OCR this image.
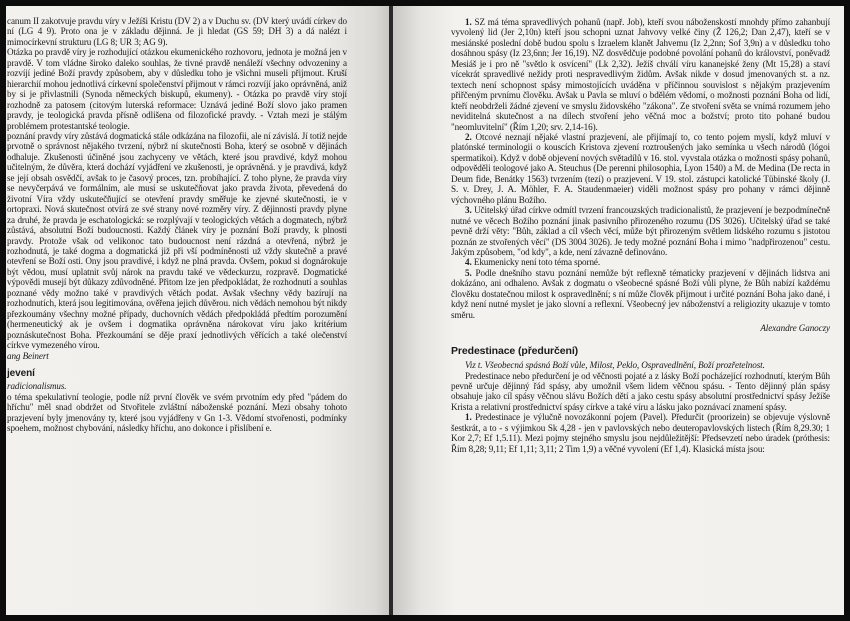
canum II zakotvuje pravdu víry v Ježíši Kristu (DV 2) a v Duchu sv. (DV který uvádí církev do ní (LG 4 9). Proto ona je v základu dějinná. Je ji hledat (GS 59; DH 3) a dá nalézt i mimocírkevní strukturu (LG 8; UR 3; AG 9).

Otázka po pravdě víry je rozhodující otázkou ekumenického rozhovoru, jednota je možná jen v pravdě. V tom vládne široko daleko souhlas, že tivné pravdě nenáleží všechny odvozeniny a rozvíjí jediné Boží pravdy způsobem, aby v důsledku toho je všichni museli přijmout. Kruší hierarchií mohou jednotlivá církevní společenství přijmout v rámci rozvíjí jako oprávněná, aniž by si je přivlastnili (Synoda německých biskupů, ekumeny). - Otázka po pravdě víry stojí rozhodně za patosem (citovým luterská reformace: Uznává jediné Boží slovo jako pramen pravdy, je teologická pravda přísně odlišena od filozofické pravdy. - Vztah mezi je stálým problémem protestantské teologie.

poznání pravdy víry zůstává dogmatická stále odkázána na filozofii, ale ní závislá. Jí totiž nejde prvotně o správnost nějakého tvrzení, nýbrž ní skutečnosti Boha, který se osobně v dějinách odhaluje. Zkušenosti účiněné jsou zachyceny ve větách, které jsou pravdivé, když mohou učitelným, že důvěra, která dochází vyjádření ve zkušenosti, je oprávněná. y je pravdivá, když se její obsah osvědčí, avšak to je časový proces, tzn. probíhající. Z toho plyne, že pravda víry se nevyčerpává ve formálním, ale musí se uskutečňovat jako pravda života, převedená do životní Víra vždy uskutečňující se otevření pravdy směřuje ke zjevné skutečnosti, ie v ortopraxi. Nová skutečnost otvírá ze své strany nové rozměry víry. Z dějinnosti pravdy plyne za druhé, že pravda je eschatologická: se rozplývají v teologických větách a dogmatech, nýbrž zůstává, absolutní Boží budoucnosti. Každý článek víry je poznání Boží pravdy, k plnosti pravdy. Protože však od velikonoc tato budoucnost není rázdná a otevřená, nýbrž je rozhodnutá, je také dogma a dogmatická již při vší podmíněnosti už vždy skutečně a pravé otevření se Boží osti. Ony jsou pravdivé, i když ne plná pravda. Ovšem, pokud si dognárokuje být vědou, musí uplatnit svůj nárok na pravdu také ve vědeckurzu, rozpravě. Dogmatické výpovědi musejí být důkazy zdůvodněné. Přitom lze jen předpokládat, že rozhodnutí a souhlas poznané vědy možno také v pravdivých větách podat. Avšak všechny vědy bazírují na rozhodnutích, která jsou legitimována, ověřena jejich důvěrou. nich vědách nemohou být nikdy přezkoumány všechny možné případy, duchovních vědách předpokládá předtím porozumění (hermeneutický ak je ovšem i dogmatika oprávněna nárokovat víru jako kritérium poznáskutečnost Boha. Přezkoumání se děje praxí jednotlivých věřících a také olečenství církve vymezeného vírou.

ang Beinert

jevení

radicionalismus.

o téma spekulativní teologie, podle níž první člověk ve svém prvotním edy před "pádem do hříchu" měl snad obdržet od Stvořitele zvláštní náboženské poznání. Mezi obsahy tohoto prazjevení byly jmenovány ty, které jsou vyjádřeny v Gn 1-3. Vědomí stvořenosti, podmínky spoehem, možnost chybování, následky hříchu, ano dokonce i přislíbení e.

1. SZ má téma spravedlivých pohanů (např. Job), kteří svou náboženskostí mnohdy přímo zahanbují vyvolený lid (Jer 2,10n) kteří jsou schopni uznat Jahvovy velké činy (Ž 126,2; Dan 2,47), kteří se v mesiánské poslední době budou spolu s Izraelem klanět Jahvemu (Iz 2,2nn; Sof 3,9n) a v důsledku toho dosáhnou spásy (Iz 23,6nn; Jer 16,19). NZ dosvědčuje podobné povolání pohanů do království, poněvadž Mesiáš je i pro ně "světlo k osvícení" (Lk 2,32). Ježíš chválí víru kananejské ženy (Mt 15,28) a staví vícekrát spravedlivé nežidy proti nespravedlivým židům. Avšak nikde v dosud jmenovaných st. a nz. textech není schopnost spásy mimostojících uváděna v příčinnou souvislost s nějakým prazjevením přiřčeným prvnímu člověku. Avšak u Pavla se mluví o bdělém vědomí, o možnosti poznání Boha od lidí, kteří neobdrželi žádné zjevení ve smyslu židovského "zákona". Ze stvoření světa se vnímá rozumem jeho neviditelná skutečnost a na dílech stvoření jeho věčná moc a božství; proto tito pohané budou "neomluvitelní" (Řím 1,20; srv. 2,14-16).

2. Otcové neznají nějaké vlastní prazjevení, ale přijímají to, co tento pojem myslí, když mluví v platónské terminologii o kouscích Kristova zjevení roztroušených jako semínka u všech národů (lógoi spermatikoi). Když v době objevení nových světadílů v 16. stol. vyvstala otázka o možnosti spásy pohanů, odpověděli teologové jako A. Steuchus (De perenni philosophia, Lyon 1540) a M. de Medina (De recta in Deum fide, Benátky 1563) tvrzením (tezí) o prazjevení. V 19. stol. zástupci katolické Tübinské školy (J. S. v. Drey, J. A. Möhler, F. A. Staudenmaeier) viděli možnost spásy pro pohany v rámci dějinně výchovného plánu Božího.

3. Učitelský úřad církve odmítl tvrzení francouzských tradicionalistů, že prazjevení je bezpodmínečně nutné ve věcech Božího poznání jinak pasivního přirozeného rozumu (DS 3026). Učitelský úřad se také pevně drží věty: "Bůh, základ a cíl všech věcí, může být přirozeným světlem lidského rozumu s jistotou poznán ze stvořených věcí" (DS 3004 3026). Je tedy možné poznání Boha i mimo "nadpřirozenou" cestu. Jakým způsobem, "od kdy", a kde, není závazně definováno.

4. Ekumenicky není toto téma sporné.

5. Podle dnešního stavu poznání nemůže být reflexně tématicky prazjevení v dějinách lidstva ani dokázáno, ani odhaleno. Avšak z dogmatu o všeobecné spásné Boží vůli plyne, že Bůh nabízí každému člověku dostatečnou milost k ospravedlnění; s ní může člověk přijmout i určité poznání Boha jako dané, i když není nutné myslet je jako slovní a reflexní. Všeobecný jev náboženství a religiozity ukazuje v tomto směru.

Alexandre Ganoczy

Predestinace (předurčení)

Viz t. Všeobecná spásná Boží vůle, Milost, Peklo, Ospravedlnění, Boží prozřetelnost.

Predestinace nebo předurčení je od věčnosti pojaté a z lásky Boží pocházející rozhodnutí, kterým Bůh pevně určuje dějinný řád spásy, aby umožnil všem lidem věčnou spásu. - Tento dějinný plán spásy obsahuje jako cíl spásy věčnou slávu Božích dětí a jako cestu spásy absolutní prostřednictví spásy Ježíše Krista a relativní prostřednictví spásy církve a také víru a lásku jako poznávací znamení spásy.

1. Predestinace je výlučně novozákonní pojem (Pavel). Předurčit (proorizein) se objevuje výslovně šestkrát, a to - s výjimkou Sk 4,28 - jen v pavlovských nebo deuteropavlovských listech (Řím 8,29.30; 1 Kor 2,7; Ef 1,5.11). Mezi pojmy stejného smyslu jsou nejdůležitější: Předsevzetí nebo úradek (próthesis: Řím 8,28; 9,11; Ef 1,11; 3,11; 2 Tim 1,9) a věčné vyvolení (Ef 1,4). Klasická místa jsou:
